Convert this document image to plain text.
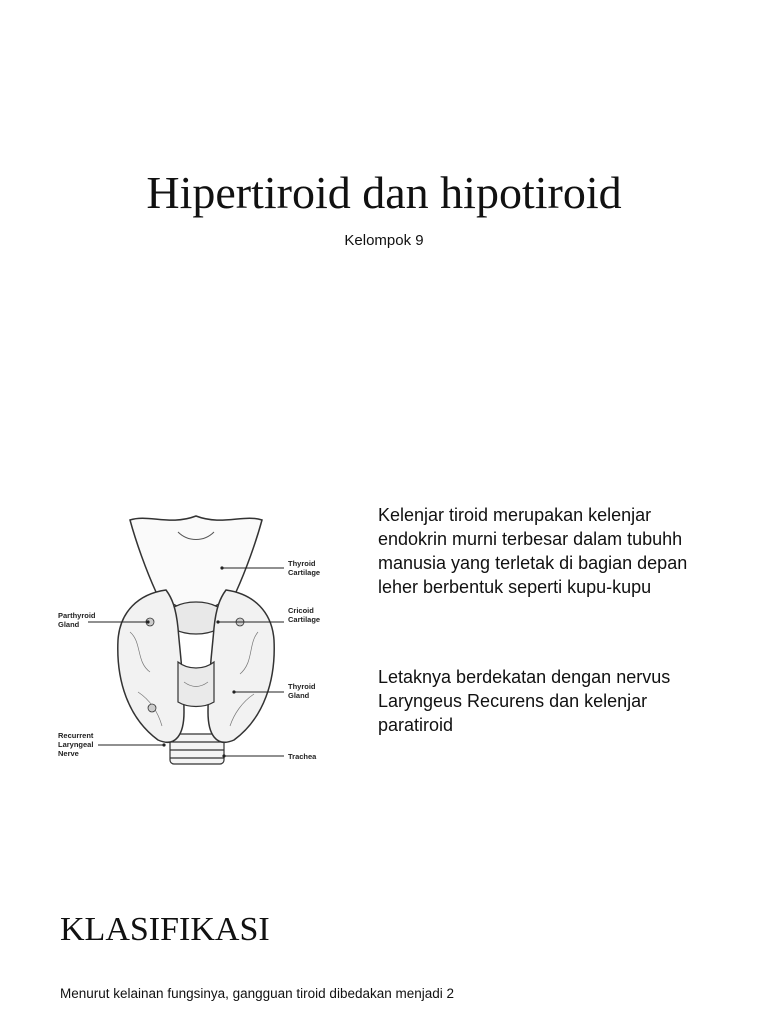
Hipertiroid dan hipotiroid
Kelompok 9
Thyroid Cartilage
Parthyroid Gland
Cricoid Cartilage
Thyroid Gland
Recurrent Laryngeal Nerve	Trachea
Kelenjar tiroid merupakan kelenjar endokrin murni terbesar dalam tubuhh manusia yang terletak di bagian depan leher berbentuk seperti kupu-kupu
Letaknya berdekatan dengan nervus Laryngeus Recurens dan kelenjar paratiroid
KLASIFIKASI
Menurut kelainan fungsinya, gangguan tiroid dibedakan menjadi 2
